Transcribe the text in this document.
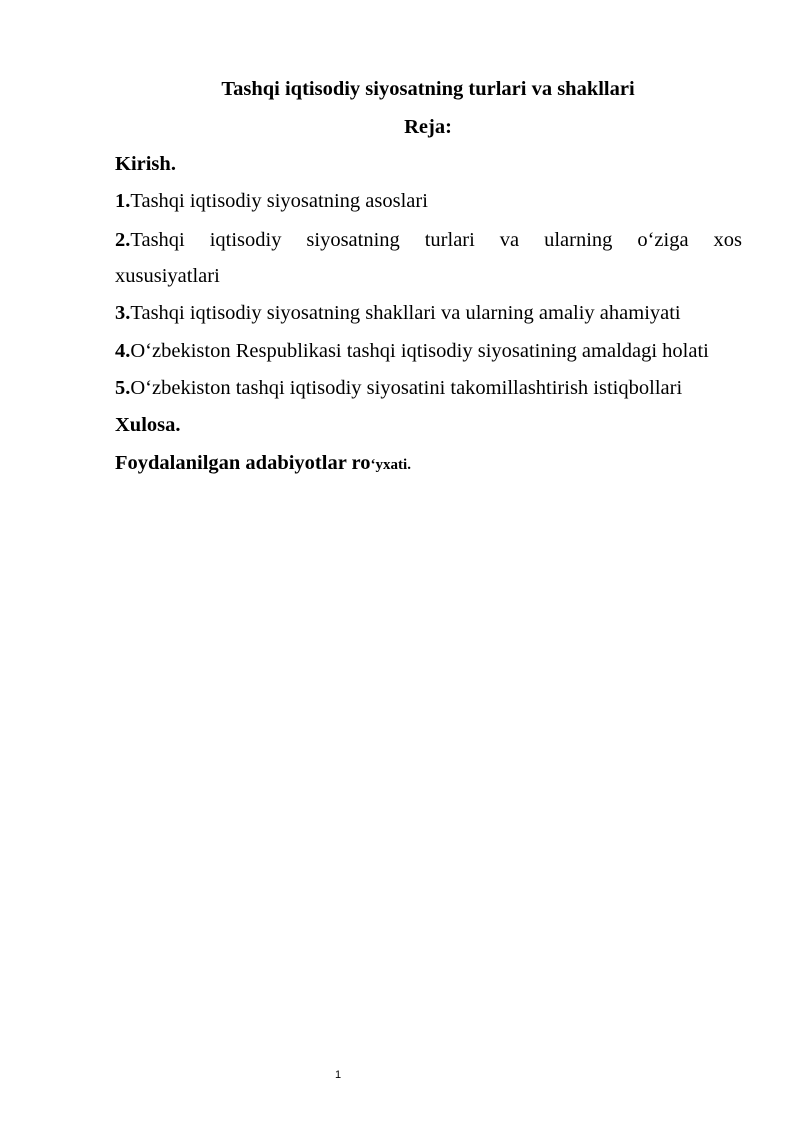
Tashqi iqtisodiy siyosatning turlari va shakllari
Reja:
Kirish.
1.Tashqi iqtisodiy siyosatning asoslari
2.Tashqi iqtisodiy siyosatning turlari va ularning o‘ziga xos
xususiyatlari
3.Tashqi iqtisodiy siyosatning shakllari va ularning amaliy ahamiyati
4.O‘zbekiston Respublikasi tashqi iqtisodiy siyosatining amaldagi holati
5.O‘zbekiston tashqi iqtisodiy siyosatini takomillashtirish istiqbollari
Xulosa.
Foydalanilgan adabiyotlar ro‘yxati.
1
